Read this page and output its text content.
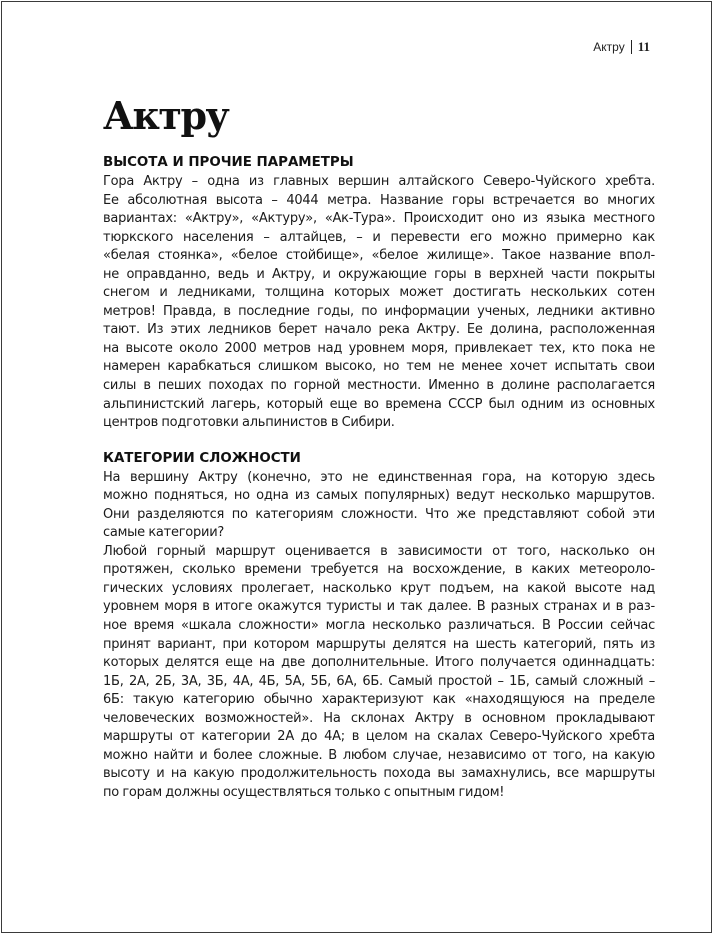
Актру 11
Актру
ВЫСОТА И ПРОЧИЕ ПАРАМЕТРЫ

Гора Актру – одна из главных вершин алтайского Северо-Чуйского хребта.
Ее абсолютная высота – 4044 метра. Название горы встречается во многих
вариантах: «Актру», «Актуру», «Ак-Тура». Происходит оно из языка местного
тюркского населения – алтайцев, – и перевести его можно примерно как
«белая стоянка», «белое стойбище», «белое жилище». Такое название впол-
не оправданно, ведь и Актру, и окружающие горы в верхней части покрыты
снегом и ледниками, толщина которых может достигать нескольких сотен
метров! Правда, в последние годы, по информации ученых, ледники активно
тают. Из этих ледников берет начало река Актру. Ее долина, расположенная
на высоте около 2000 метров над уровнем моря, привлекает тех, кто пока не
намерен карабкаться слишком высоко, но тем не менее хочет испытать свои
силы в пеших походах по горной местности. Именно в долине располагается
альпинистский лагерь, который еще во времена СССР был одним из основных
центров подготовки альпинистов в Сибири.

КАТЕГОРИИ СЛОЖНОСТИ

На вершину Актру (конечно, это не единственная гора, на которую здесь
можно подняться, но одна из самых популярных) ведут несколько маршрутов.
Они разделяются по категориям сложности. Что же представляют собой эти
самые категории?

Любой горный маршрут оценивается в зависимости от того, насколько он
протяжен, сколько времени требуется на восхождение, в каких метеороло-
гических условиях пролегает, насколько крут подъем, на какой высоте над
уровнем моря в итоге окажутся туристы и так далее. В разных странах и в раз-
ное время «шкала сложности» могла несколько различаться. В России сейчас
принят вариант, при котором маршруты делятся на шесть категорий, пять из
которых делятся еще на две дополнительные. Итого получается одиннадцать:
1Б, 2А, 2Б, 3А, 3Б, 4А, 4Б, 5А, 5Б, 6А, 6Б. Самый простой – 1Б, самый сложный –
6Б: такую категорию обычно характеризуют как «находящуюся на пределе
человеческих возможностей». На склонах Актру в основном прокладывают
маршруты от категории 2А до 4А; в целом на скалах Северо-Чуйского хребта
можно найти и более сложные. В любом случае, независимо от того, на какую
высоту и на какую продолжительность похода вы замахнулись, все маршруты
по горам должны осуществляться только с опытным гидом!
